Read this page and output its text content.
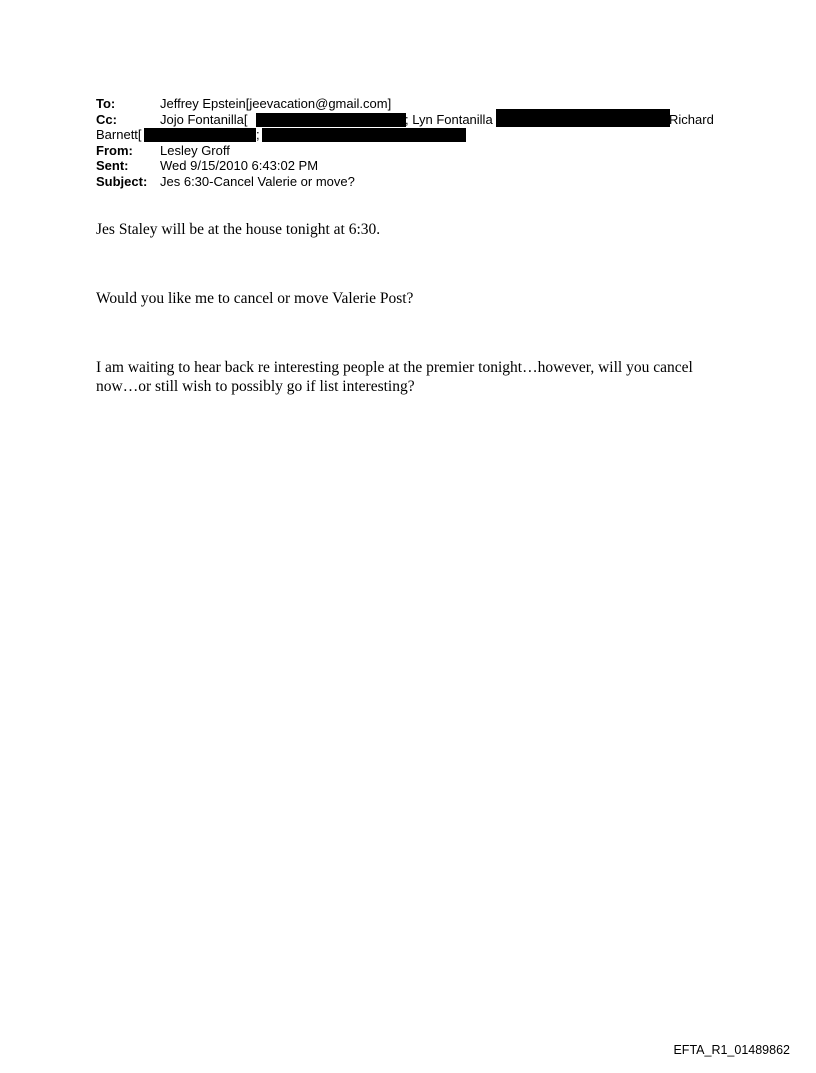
To:	Jeffrey Epstein[jeevacation@gmail.com]
Cc:	Jojo Fontanilla[	; Lyn Fontanilla	Richard
Barnett[	;
From: Lesley Groff
Sent: Wed 9/15/2010 6:43:02 PM
Subject: Jes 6:30-Cancel Valerie or move?
Jes Staley will be at the house tonight at 6:30.
Would you like me to cancel or move Valerie Post?
I am waiting to hear back re interesting people at the premier tonight…however, will you cancel now…or still wish to possibly go if list interesting?
EFTA_R1_01489862
